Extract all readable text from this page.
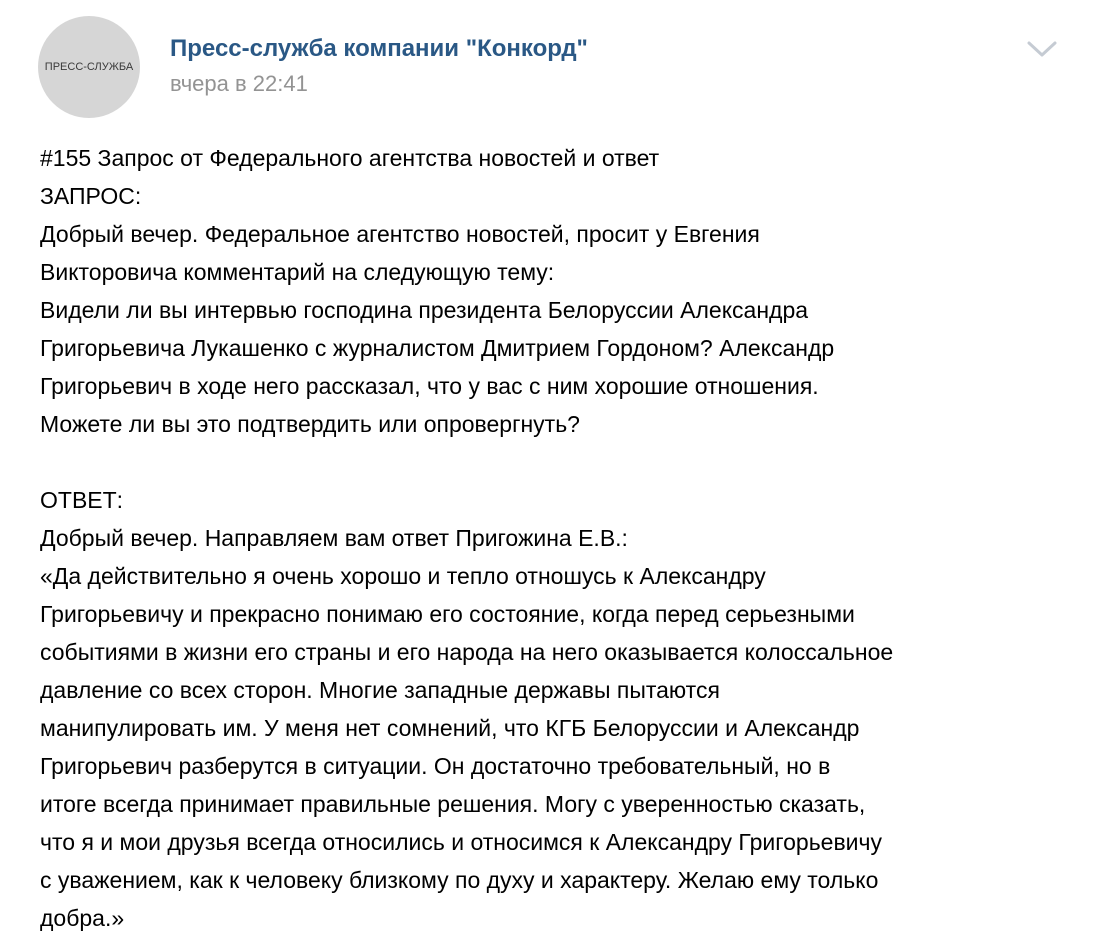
ПРЕСС-СЛУЖБА
Пресс-служба компании "Конкорд"
вчера в 22:41
#155 Запрос от Федерального агентства новостей и ответ
ЗАПРОС:
Добрый вечер. Федеральное агентство новостей, просит у Евгения
Викторовича комментарий на следующую тему:
Видели ли вы интервью господина президента Белоруссии Александра
Григорьевича Лукашенко с журналистом Дмитрием Гордоном? Александр
Григорьевич в ходе него рассказал, что у вас с ним хорошие отношения.
Можете ли вы это подтвердить или опровергнуть?
ОТВЕТ:
Добрый вечер. Направляем вам ответ Пригожина Е.В.:
«Да действительно я очень хорошо и тепло отношусь к Александру
Григорьевичу и прекрасно понимаю его состояние, когда перед серьезными
событиями в жизни его страны и его народа на него оказывается колоссальное
давление со всех сторон. Многие западные державы пытаются
манипулировать им. У меня нет сомнений, что КГБ Белоруссии и Александр
Григорьевич разберутся в ситуации. Он достаточно требовательный, но в
итоге всегда принимает правильные решения. Могу с уверенностью сказать,
что я и мои друзья всегда относились и относимся к Александру Григорьевичу
с уважением, как к человеку близкому по духу и характеру. Желаю ему только
добра.»
